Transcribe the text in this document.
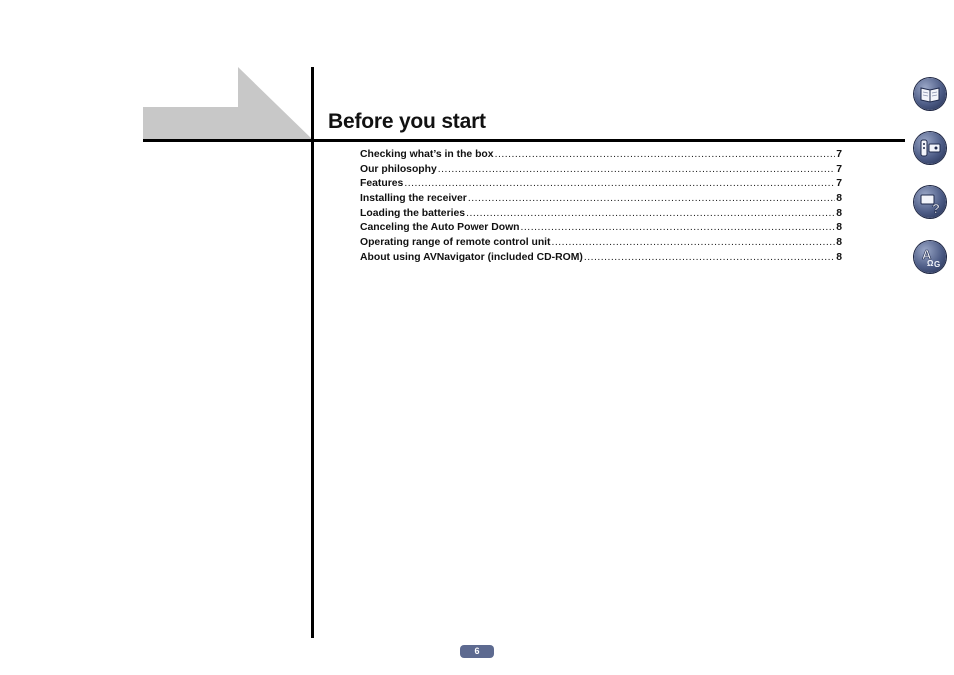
Before you start
Checking what’s in the box .....	7
Our philosophy .....	7
Features .....	7
Installing the receiver .....	8
Loading the batteries .....	8
Canceling the Auto Power Down .....	8
Operating range of remote control unit .....	8
About using AVNavigator (included CD-ROM) .....	8
?
A
Ω G
6
